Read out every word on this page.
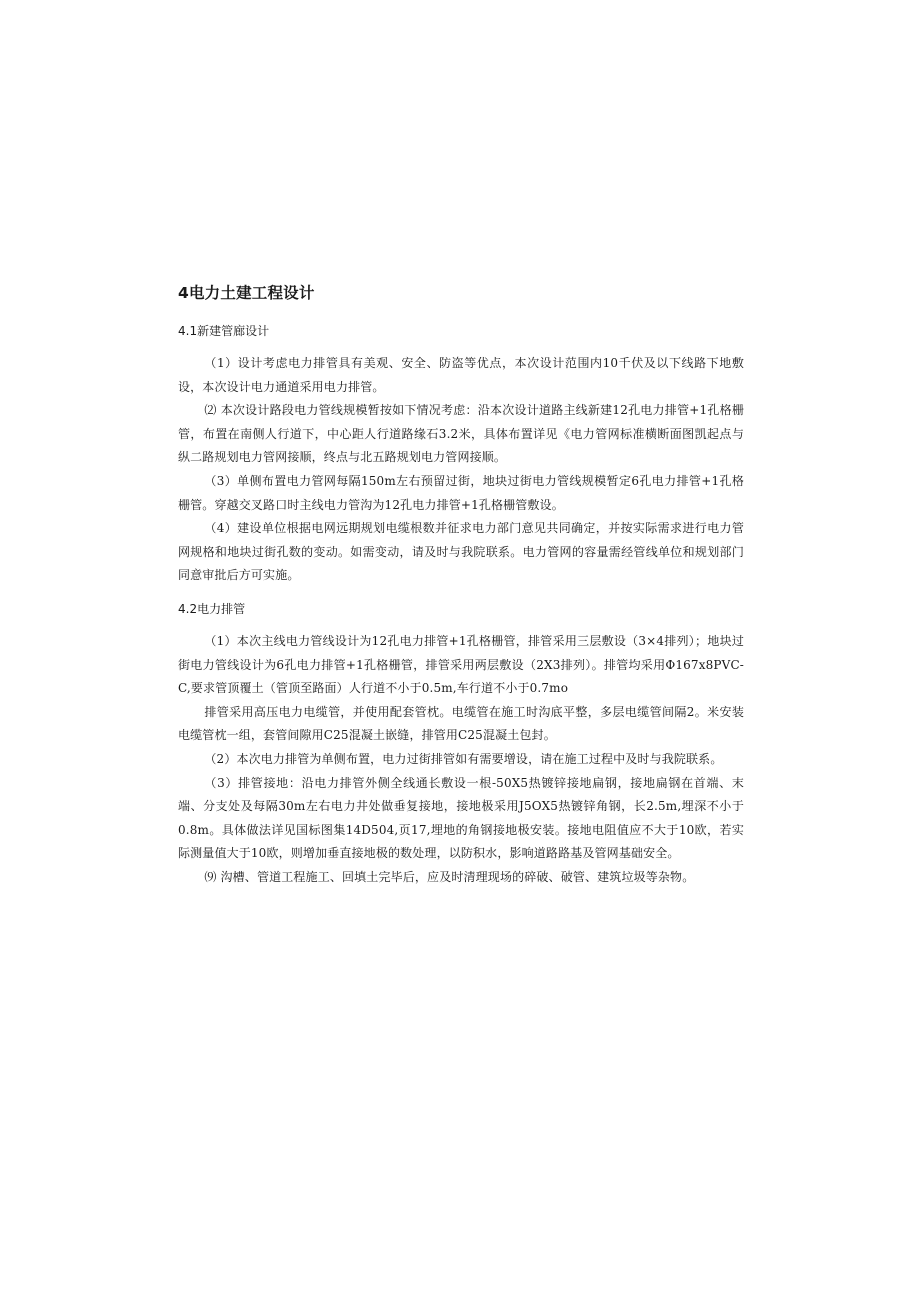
4电力土建工程设计
4.1新建管廊设计

（1）设计考虑电力排管具有美观、安全、防盗等优点，本次设计范围内10千伏及以下线路下地敷设，本次设计电力通道采用电力排管。

⑵ 本次设计路段电力管线规模暂按如下情况考虑：沿本次设计道路主线新建12孔电力排管+1孔格栅管，布置在南侧人行道下，中心距人行道路缘石3.2米，具体布置详见《电力管网标准横断面图凯起点与纵二路规划电力管网接顺，终点与北五路规划电力管网接顺。

（3）单侧布置电力管网每隔150m左右预留过街，地块过街电力管线规模暂定6孔电力排管+1孔格栅管。穿越交叉路口时主线电力管沟为12孔电力排管+1孔格栅管敷设。

（4）建设单位根据电网远期规划电缆根数并征求电力部门意见共同确定，并按实际需求进行电力管网规格和地块过街孔数的变动。如需变动，请及时与我院联系。电力管网的容量需经管线单位和规划部门同意审批后方可实施。

4.2电力排管

（1）本次主线电力管线设计为12孔电力排管+1孔格栅管，排管采用三层敷设（3×4排列）；地块过街电力管线设计为6孔电力排管+1孔格栅管，排管采用两层敷设（2X3排列）。排管均采用Φ167x8PVC-C,要求管顶覆土（管顶至路面）人行道不小于0.5m,车行道不小于0.7mo

排管采用高压电力电缆管，并使用配套管枕。电缆管在施工时沟底平整，多层电缆管间隔2。米安装电缆管枕一组，套管间隙用C25混凝土嵌缝，排管用C25混凝土包封。

（2）本次电力排管为单侧布置，电力过街排管如有需要增设，请在施工过程中及时与我院联系。

（3）排管接地：沿电力排管外侧全线通长敷设一根-50X5热镀锌接地扁钢，接地扁钢在首端、末端、分支处及每隔30m左右电力井处做垂复接地，接地极采用J5OX5热镀锌角钢，长2.5m,埋深不小于0.8m。具体做法详见国标图集14D504,页17,埋地的角钢接地极安装。接地电阻值应不大于10欧，若实际测量值大于10欧，则增加垂直接地极的数处理，以防积水，影响道路路基及管网基础安全。

⑼ 沟槽、管道工程施工、回填土完毕后，应及时清理现场的碎破、破管、建筑垃圾等杂物。
